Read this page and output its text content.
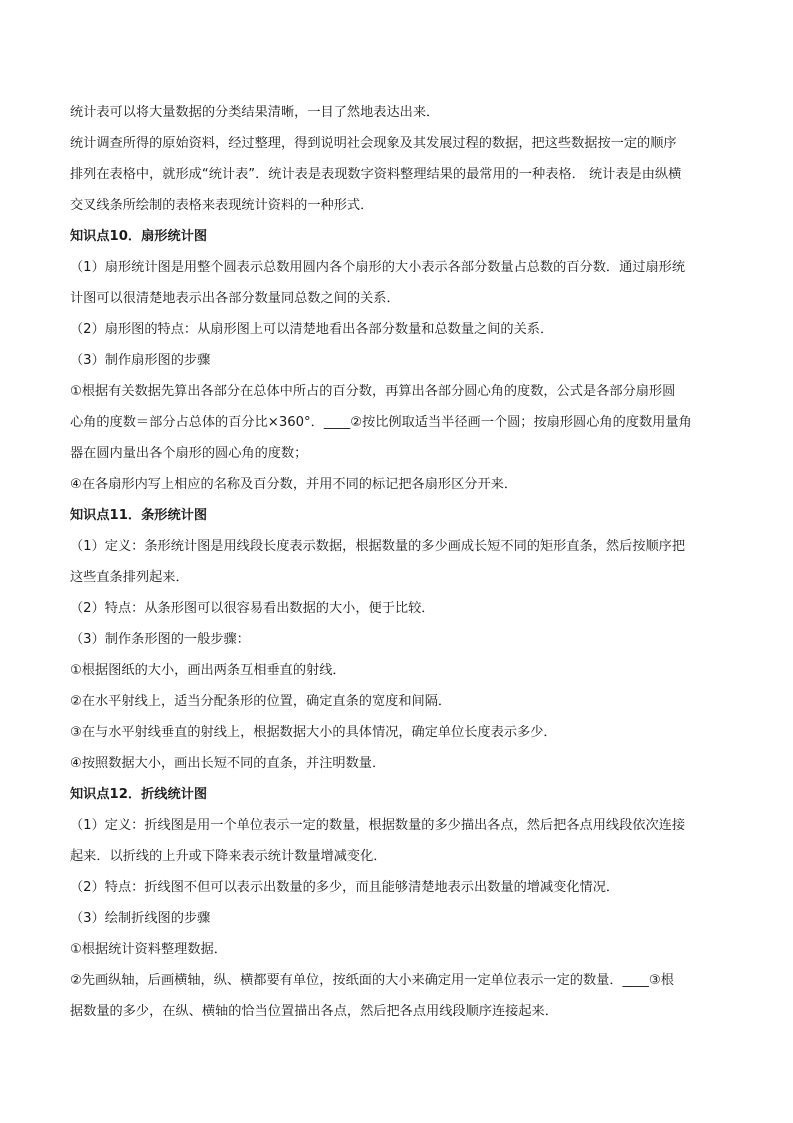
统计表可以将大量数据的分类结果清晰，一目了然地表达出来．
统计调查所得的原始资料，经过整理，得到说明社会现象及其发展过程的数据，把这些数据按一定的顺序
排列在表格中，就形成“统计表”．统计表是表现数字资料整理结果的最常用的一种表格． 统计表是由纵横
交叉线条所绘制的表格来表现统计资料的一种形式．
知识点10．扇形统计图
（1）扇形统计图是用整个圆表示总数用圆内各个扇形的大小表示各部分数量占总数的百分数．通过扇形统
计图可以很清楚地表示出各部分数量同总数之间的关系．
（2）扇形图的特点：从扇形图上可以清楚地看出各部分数量和总数量之间的关系．
（3）制作扇形图的步骤
①根据有关数据先算出各部分在总体中所占的百分数，再算出各部分圆心角的度数，公式是各部分扇形圆
心角的度数＝部分占总体的百分比×360°．____②按比例取适当半径画一个圆；按扇形圆心角的度数用量角
器在圆内量出各个扇形的圆心角的度数；
④在各扇形内写上相应的名称及百分数，并用不同的标记把各扇形区分开来．
知识点11．条形统计图
（1）定义：条形统计图是用线段长度表示数据，根据数量的多少画成长短不同的矩形直条，然后按顺序把
这些直条排列起来．
（2）特点：从条形图可以很容易看出数据的大小，便于比较．
（3）制作条形图的一般步骤：
①根据图纸的大小，画出两条互相垂直的射线．
②在水平射线上，适当分配条形的位置，确定直条的宽度和间隔．
③在与水平射线垂直的射线上，根据数据大小的具体情况，确定单位长度表示多少．
④按照数据大小，画出长短不同的直条，并注明数量．
知识点12．折线统计图
（1）定义：折线图是用一个单位表示一定的数量，根据数量的多少描出各点，然后把各点用线段依次连接
起来．以折线的上升或下降来表示统计数量增减变化．
（2）特点：折线图不但可以表示出数量的多少，而且能够清楚地表示出数量的增减变化情况．
（3）绘制折线图的步骤
①根据统计资料整理数据．
②先画纵轴，后画横轴，纵、横都要有单位，按纸面的大小来确定用一定单位表示一定的数量．____③根
据数量的多少，在纵、横轴的恰当位置描出各点，然后把各点用线段顺序连接起来．
